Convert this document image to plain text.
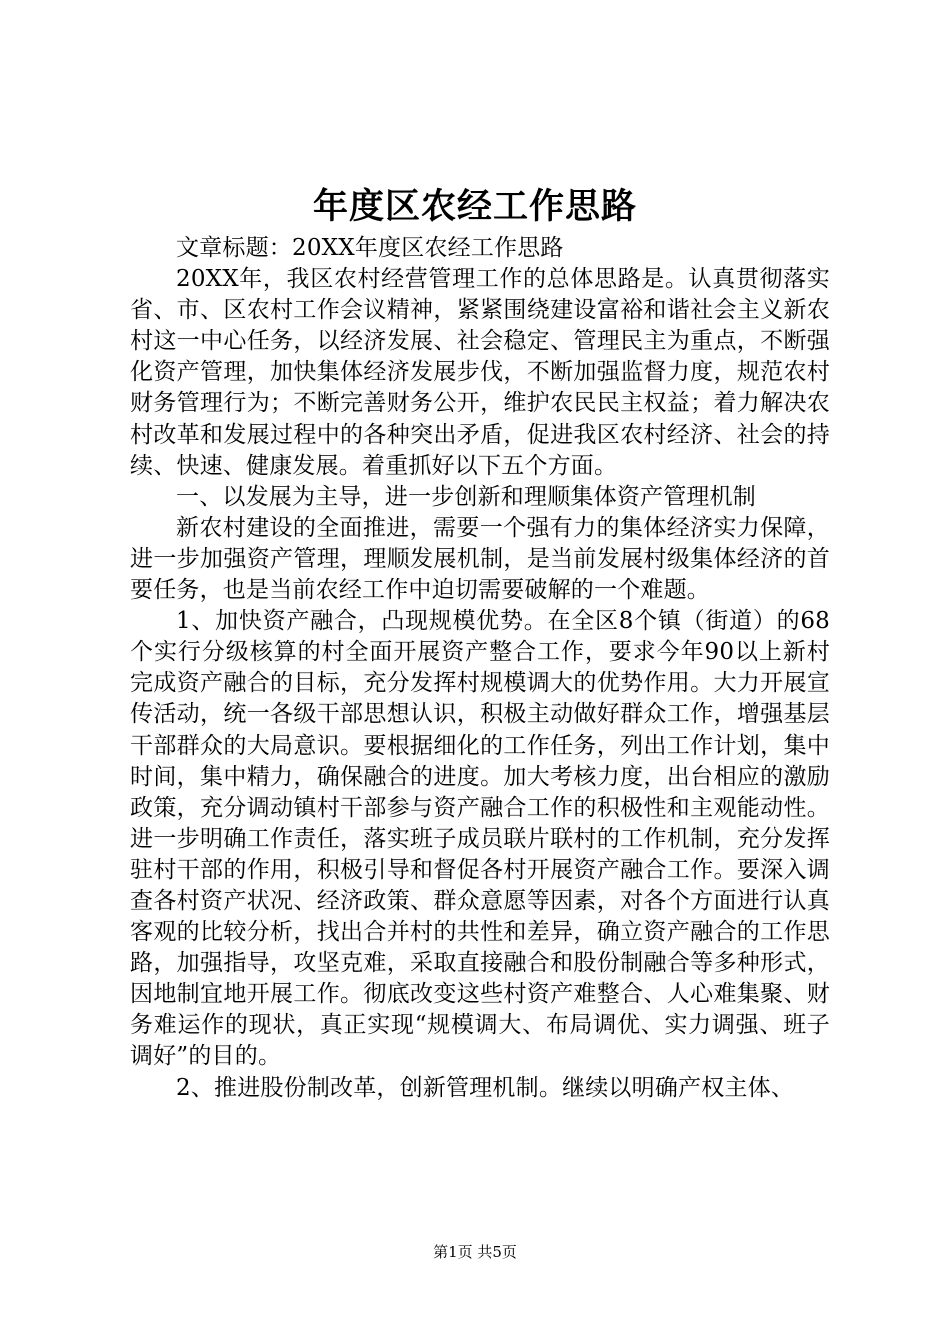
年度区农经工作思路

文章标题：20XX年度区农经工作思路

20XX年，我区农村经营管理工作的总体思路是。认真贯彻落实省、市、区农村工作会议精神，紧紧围绕建设富裕和谐社会主义新农村这一中心任务，以经济发展、社会稳定、管理民主为重点，不断强化资产管理，加快集体经济发展步伐，不断加强监督力度，规范农村财务管理行为；不断完善财务公开，维护农民民主权益；着力解决农村改革和发展过程中的各种突出矛盾，促进我区农村经济、社会的持续、快速、健康发展。着重抓好以下五个方面。

一、以发展为主导，进一步创新和理顺集体资产管理机制

新农村建设的全面推进，需要一个强有力的集体经济实力保障，进一步加强资产管理，理顺发展机制，是当前发展村级集体经济的首要任务，也是当前农经工作中迫切需要破解的一个难题。

1、加快资产融合，凸现规模优势。在全区8个镇（街道）的68个实行分级核算的村全面开展资产整合工作，要求今年90以上新村完成资产融合的目标，充分发挥村规模调大的优势作用。大力开展宣传活动，统一各级干部思想认识，积极主动做好群众工作，增强基层干部群众的大局意识。要根据细化的工作任务，列出工作计划，集中时间，集中精力，确保融合的进度。加大考核力度，出台相应的激励政策，充分调动镇村干部参与资产融合工作的积极性和主观能动性。进一步明确工作责任，落实班子成员联片联村的工作机制，充分发挥驻村干部的作用，积极引导和督促各村开展资产融合工作。要深入调查各村资产状况、经济政策、群众意愿等因素，对各个方面进行认真客观的比较分析，找出合并村的共性和差异，确立资产融合的工作思路，加强指导，攻坚克难，采取直接融合和股份制融合等多种形式，因地制宜地开展工作。彻底改变这些村资产难整合、人心难集聚、财务难运作的现状，真正实现“规模调大、布局调优、实力调强、班子调好”的目的。

2、推进股份制改革，创新管理机制。继续以明确产权主体、

第1页 共5页
